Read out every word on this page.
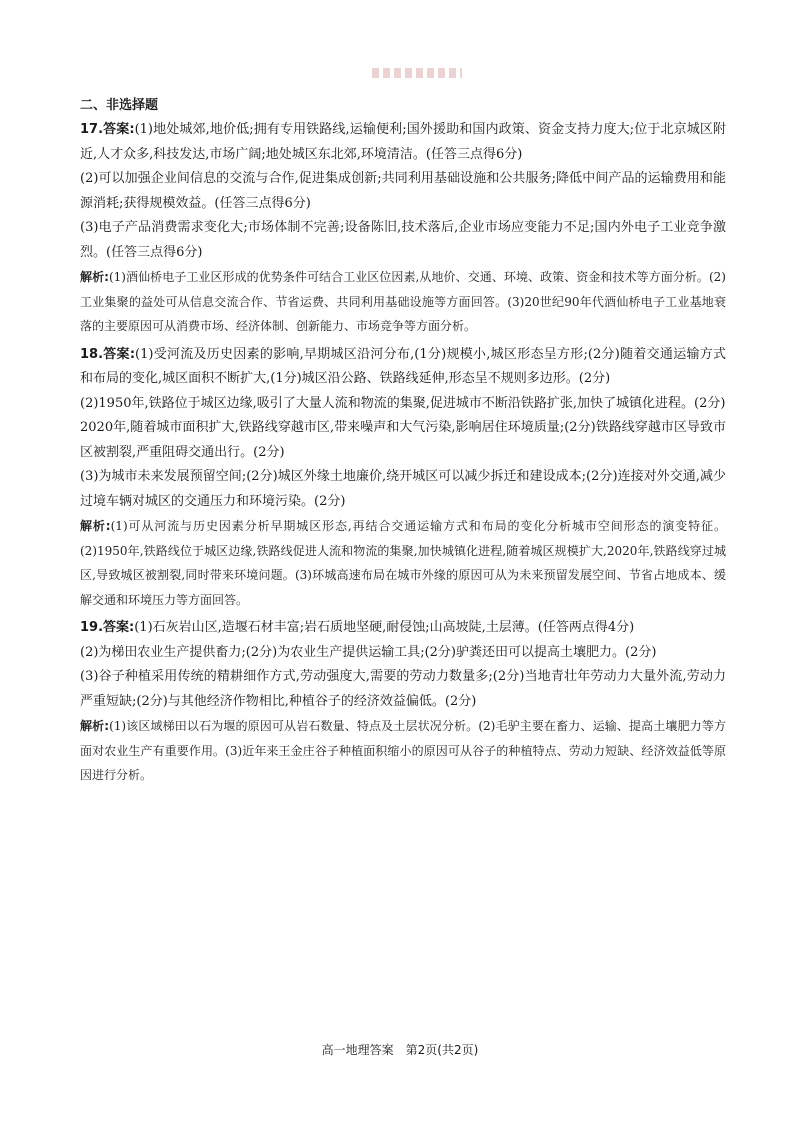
二、非选择题

17.答案:(1)地处城郊,地价低;拥有专用铁路线,运输便利;国外援助和国内政策、资金支持力度大;位于北京城区附近,人才众多,科技发达,市场广阔;地处城区东北郊,环境清洁。(任答三点得6分)

(2)可以加强企业间信息的交流与合作,促进集成创新;共同利用基础设施和公共服务;降低中间产品的运输费用和能源消耗;获得规模效益。(任答三点得6分)

(3)电子产品消费需求变化大;市场体制不完善;设备陈旧,技术落后,企业市场应变能力不足;国内外电子工业竞争激烈。(任答三点得6分)

解析:(1)酒仙桥电子工业区形成的优势条件可结合工业区位因素,从地价、交通、环境、政策、资金和技术等方面分析。(2)工业集聚的益处可从信息交流合作、节省运费、共同利用基础设施等方面回答。(3)20世纪90年代酒仙桥电子工业基地衰落的主要原因可从消费市场、经济体制、创新能力、市场竞争等方面分析。

18.答案:(1)受河流及历史因素的影响,早期城区沿河分布,(1分)规模小,城区形态呈方形;(2分)随着交通运输方式和布局的变化,城区面积不断扩大,(1分)城区沿公路、铁路线延伸,形态呈不规则多边形。(2分)

(2)1950年,铁路位于城区边缘,吸引了大量人流和物流的集聚,促进城市不断沿铁路扩张,加快了城镇化进程。(2分)

2020年,随着城市面积扩大,铁路线穿越市区,带来噪声和大气污染,影响居住环境质量;(2分)铁路线穿越市区导致市区被割裂,严重阻碍交通出行。(2分)

(3)为城市未来发展预留空间;(2分)城区外缘土地廉价,绕开城区可以减少拆迁和建设成本;(2分)连接对外交通,减少过境车辆对城区的交通压力和环境污染。(2分)

解析:(1)可从河流与历史因素分析早期城区形态,再结合交通运输方式和布局的变化分析城市空间形态的演变特征。(2)1950年,铁路线位于城区边缘,铁路线促进人流和物流的集聚,加快城镇化进程,随着城区规模扩大,2020年,铁路线穿过城区,导致城区被割裂,同时带来环境问题。(3)环城高速布局在城市外缘的原因可从为未来预留发展空间、节省占地成本、缓解交通和环境压力等方面回答。

19.答案:(1)石灰岩山区,造堰石材丰富;岩石质地坚硬,耐侵蚀;山高坡陡,土层薄。(任答两点得4分)

(2)为梯田农业生产提供畜力;(2分)为农业生产提供运输工具;(2分)驴粪还田可以提高土壤肥力。(2分)

(3)谷子种植采用传统的精耕细作方式,劳动强度大,需要的劳动力数量多;(2分)当地青壮年劳动力大量外流,劳动力严重短缺;(2分)与其他经济作物相比,种植谷子的经济效益偏低。(2分)

解析:(1)该区域梯田以石为堰的原因可从岩石数量、特点及土层状况分析。(2)毛驴主要在畜力、运输、提高土壤肥力等方面对农业生产有重要作用。(3)近年来王金庄谷子种植面积缩小的原因可从谷子的种植特点、劳动力短缺、经济效益低等原因进行分析。

高一地理答案　第2页(共2页)
